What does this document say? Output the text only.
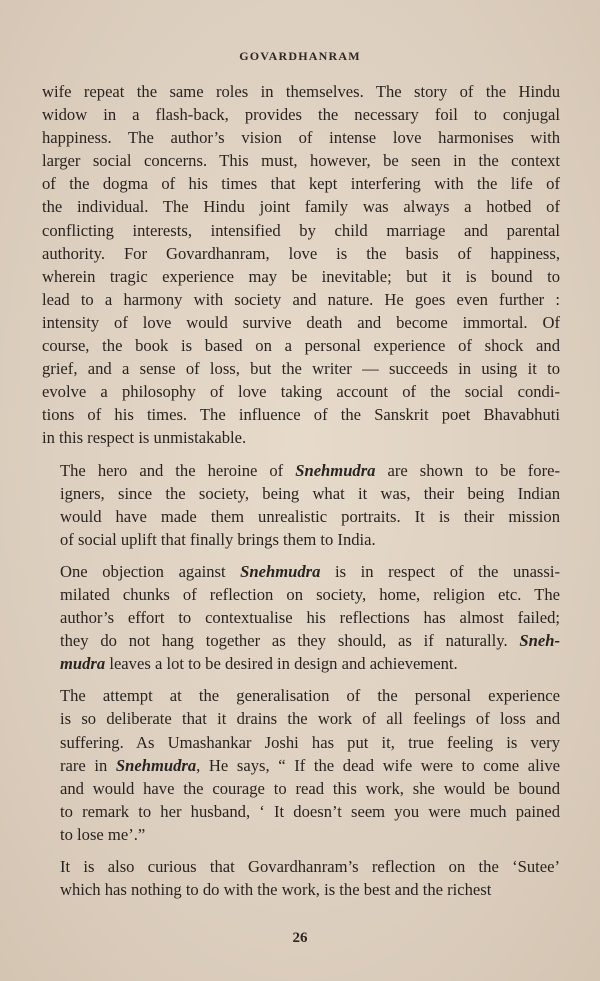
GOVARDHANRAM

wife repeat the same roles in themselves. The story of the Hindu
widow in a flash-back, provides the necessary foil to conjugal
happiness. The author’s vision of intense love harmonises with
larger social concerns. This must, however, be seen in the context
of the dogma of his times that kept interfering with the life of
the individual. The Hindu joint family was always a hotbed of
conflicting interests, intensified by child marriage and parental
authority. For Govardhanram, love is the basis of happiness,
wherein tragic experience may be inevitable; but it is bound to
lead to a harmony with society and nature. He goes even further :
intensity of love would survive death and become immortal. Of
course, the book is based on a personal experience of shock and
grief, and a sense of loss, but the writer — succeeds in using it to
evolve a philosophy of love taking account of the social condi-
tions of his times. The influence of the Sanskrit poet Bhavabhuti
in this respect is unmistakable.

The hero and the heroine of Snehmudra are shown to be fore-
igners, since the society, being what it was, their being Indian
would have made them unrealistic portraits. It is their mission
of social uplift that finally brings them to India.

One objection against Snehmudra is in respect of the unassi-
milated chunks of reflection on society, home, religion etc. The
author’s effort to contextualise his reflections has almost failed;
they do not hang together as they should, as if naturally. Sneh-
mudra leaves a lot to be desired in design and achievement.

The attempt at the generalisation of the personal experience
is so deliberate that it drains the work of all feelings of loss and
suffering. As Umashankar Joshi has put it, true feeling is very
rare in Snehmudra, He says, “ If the dead wife were to come alive
and would have the courage to read this work, she would be bound
to remark to her husband, ‘ It doesn’t seem you were much pained
to lose me’.”

It is also curious that Govardhanram’s reflection on the ‘Sutee’
which has nothing to do with the work, is the best and the richest

26
